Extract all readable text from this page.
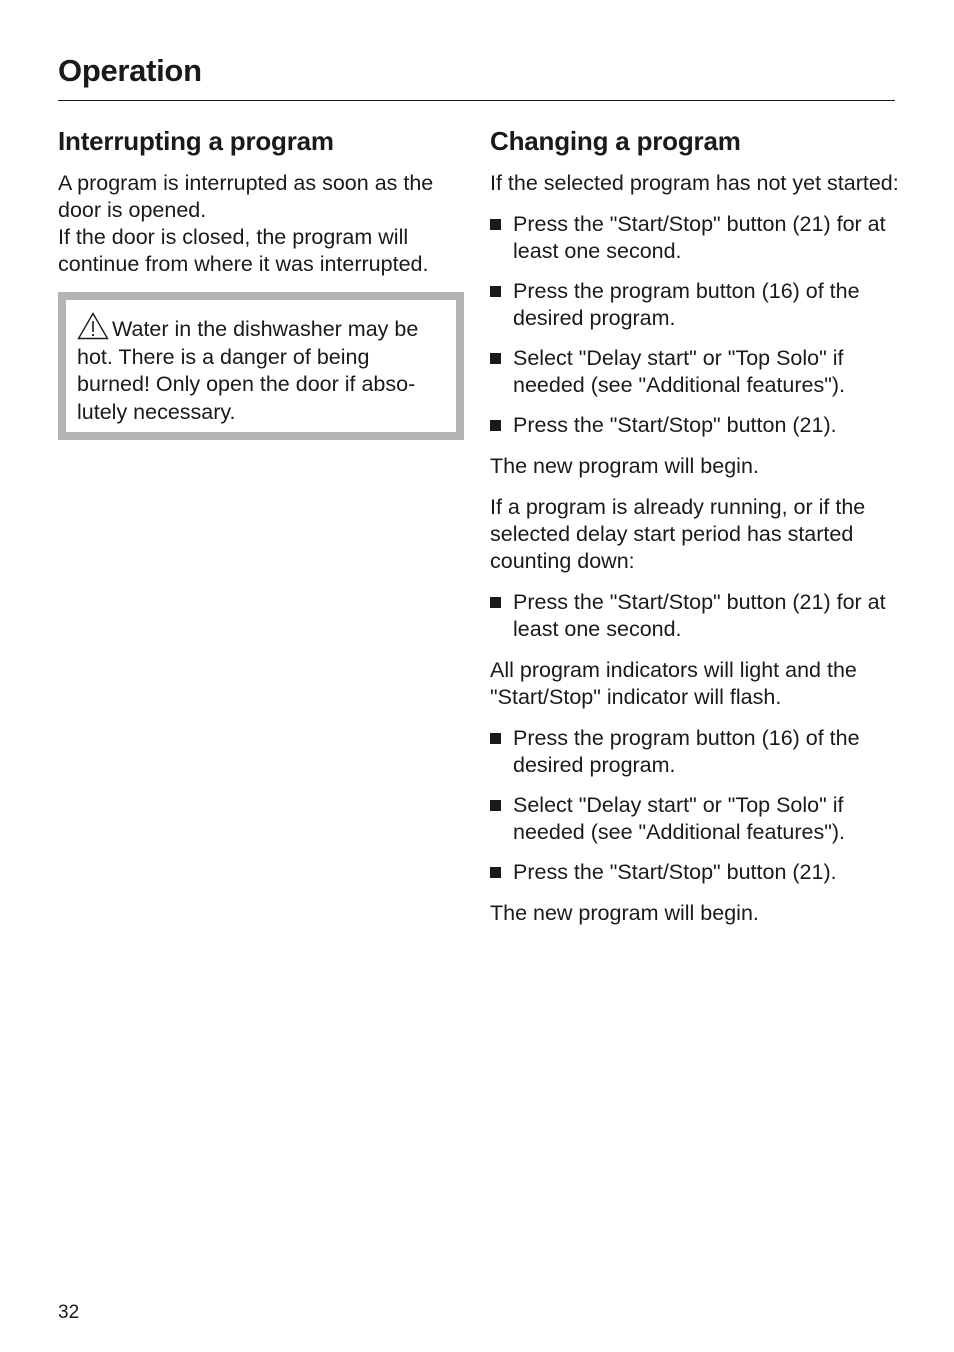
Operation
Interrupting a program

A program is interrupted as soon as the door is opened.

If the door is closed, the program will continue from where it was interrupted.

Water in the dishwasher may be hot. There is a danger of being burned! Only open the door if abso-lutely necessary.

Changing a program

If the selected program has not yet started:

Press the "Start/Stop" button (21) for at least one second.
Press the program button (16) of the desired program.
Select "Delay start" or "Top Solo" if needed (see "Additional features").
Press the "Start/Stop" button (21).

The new program will begin.

If a program is already running, or if the selected delay start period has started counting down:

Press the "Start/Stop" button (21) for at least one second.

All program indicators will light and the "Start/Stop" indicator will flash.

Press the program button (16) of the desired program.
Select "Delay start" or "Top Solo" if needed (see "Additional features").
Press the "Start/Stop" button (21).

The new program will begin.

32
